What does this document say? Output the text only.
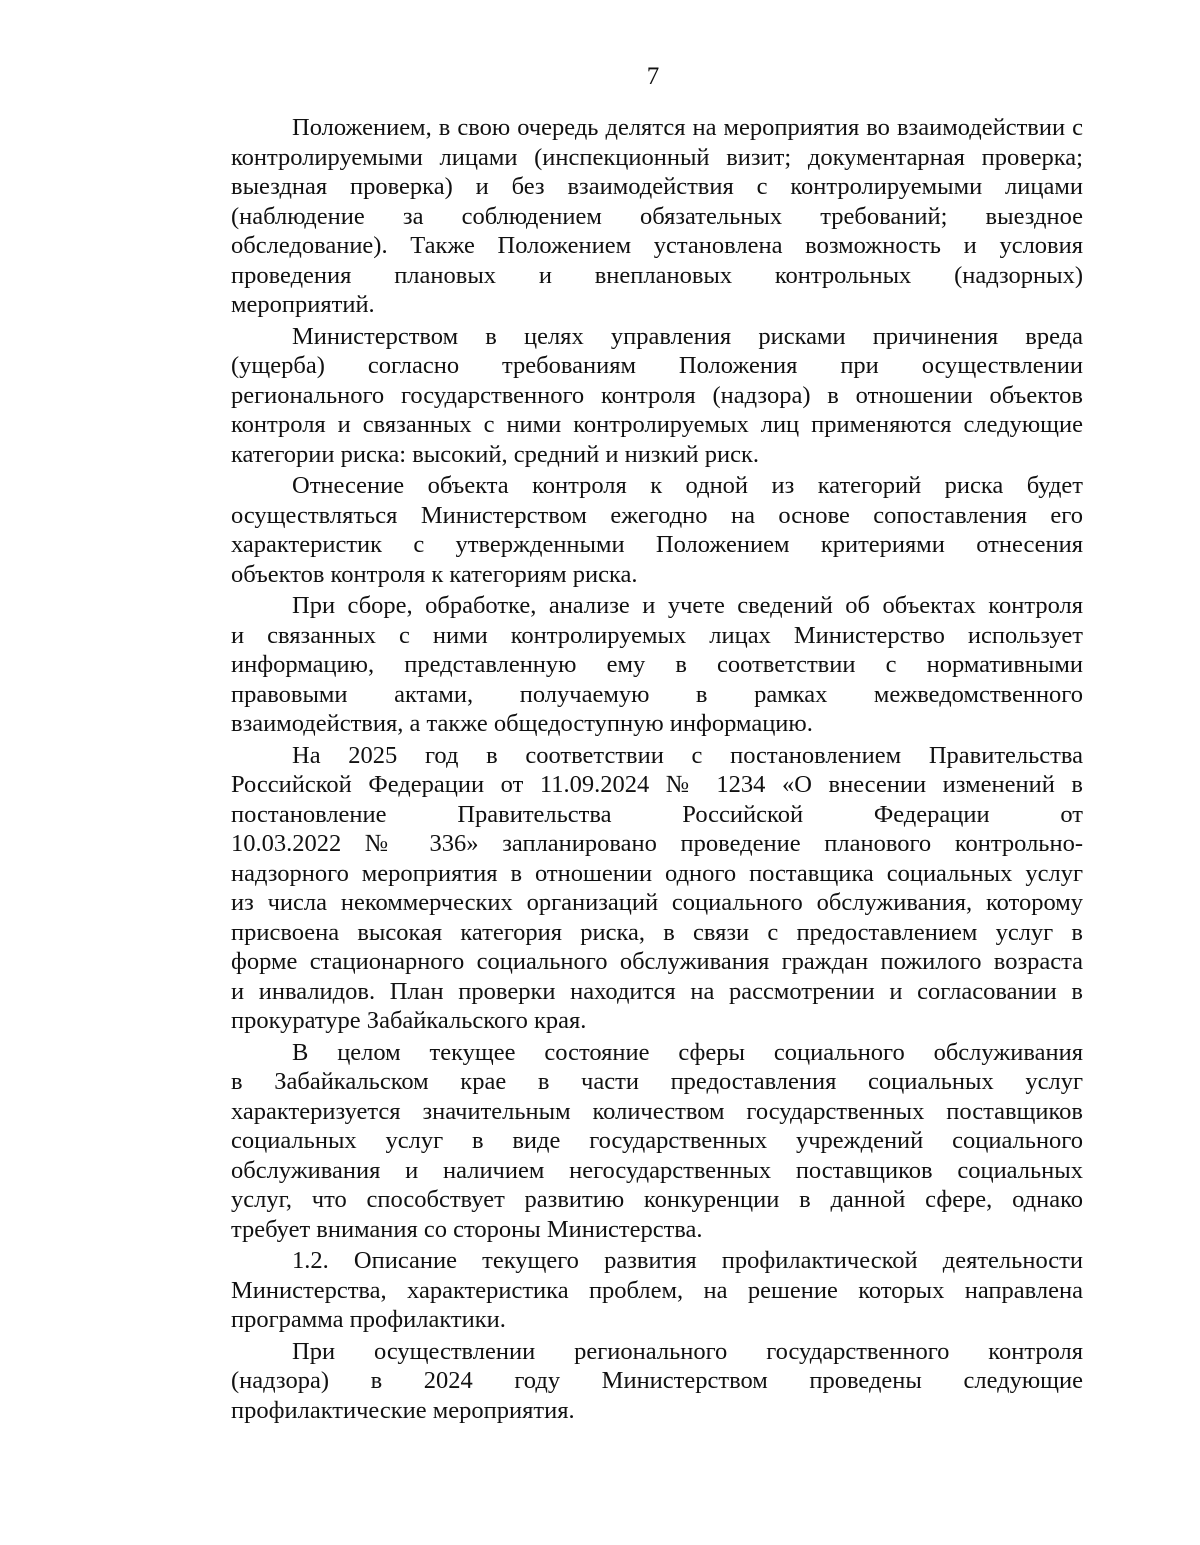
7
Положением, в свою очередь делятся на мероприятия во взаимодействии с
контролируемыми лицами (инспекционный визит; документарная проверка;
выездная проверка) и без взаимодействия с контролируемыми лицами
(наблюдение за соблюдением обязательных требований; выездное
обследование). Также Положением установлена возможность и условия
проведения плановых и внеплановых контрольных (надзорных)
мероприятий.
Министерством в целях управления рисками причинения вреда
(ущерба) согласно требованиям Положения при осуществлении
регионального государственного контроля (надзора) в отношении объектов
контроля и связанных с ними контролируемых лиц применяются следующие
категории риска: высокий, средний и низкий риск.
Отнесение объекта контроля к одной из категорий риска будет
осуществляться Министерством ежегодно на основе сопоставления его
характеристик с утвержденными Положением критериями отнесения
объектов контроля к категориям риска.
При сборе, обработке, анализе и учете сведений об объектах контроля
и связанных с ними контролируемых лицах Министерство использует
информацию, представленную ему в соответствии с нормативными
правовыми актами, получаемую в рамках межведомственного
взаимодействия, а также общедоступную информацию.
На 2025 год в соответствии с постановлением Правительства
Российской Федерации от 11.09.2024 № 1234 «О внесении изменений в
постановление Правительства Российской Федерации от
10.03.2022 № 336» запланировано проведение планового контрольно-
надзорного мероприятия в отношении одного поставщика социальных услуг
из числа некоммерческих организаций социального обслуживания, которому
присвоена высокая категория риска, в связи с предоставлением услуг в
форме стационарного социального обслуживания граждан пожилого возраста
и инвалидов. План проверки находится на рассмотрении и согласовании в
прокуратуре Забайкальского края.
В целом текущее состояние сферы социального обслуживания
в Забайкальском крае в части предоставления социальных услуг
характеризуется значительным количеством государственных поставщиков
социальных услуг в виде государственных учреждений социального
обслуживания и наличием негосударственных поставщиков социальных
услуг, что способствует развитию конкуренции в данной сфере, однако
требует внимания со стороны Министерства.
1.2. Описание текущего развития профилактической деятельности
Министерства, характеристика проблем, на решение которых направлена
программа профилактики.
При осуществлении регионального государственного контроля
(надзора) в 2024 году Министерством проведены следующие
профилактические мероприятия.
